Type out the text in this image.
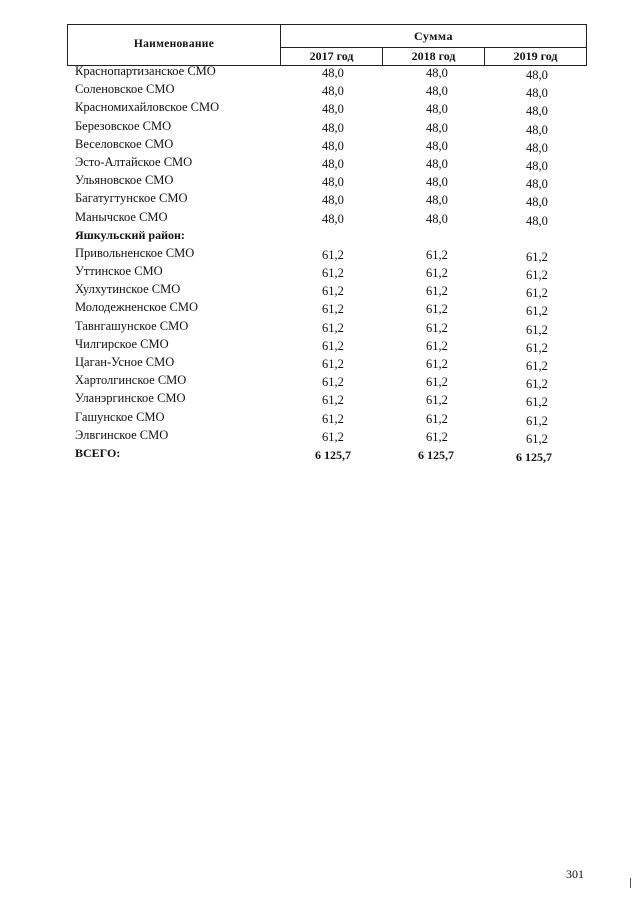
Наименование	Сумма		
	2017 год	2018 год	2019 год
Краснопартизанское СМО	48,0	48,0	48,0
Соленовское СМО	48,0	48,0	48,0
Красномихайловское СМО	48,0	48,0	48,0
Березовское СМО	48,0	48,0	48,0
Веселовское СМО	48,0	48,0	48,0
Эсто-Алтайское СМО	48,0	48,0	48,0
Ульяновское СМО	48,0	48,0	48,0
Багатугтунское СМО	48,0	48,0	48,0
Манычское СМО	48,0	48,0	48,0
Яшкульский район:
Привольненское СМО	61,2	61,2	61,2
Уттинское СМО	61,2	61,2	61,2
Хулхутинское СМО	61,2	61,2	61,2
Молодежненское СМО	61,2	61,2	61,2
Тавнгашунское СМО	61,2	61,2	61,2
Чилгирское СМО	61,2	61,2	61,2
Цаган-Усное СМО	61,2	61,2	61,2
Хартолгинское СМО	61,2	61,2	61,2
Уланэргинское СМО	61,2	61,2	61,2
Гашунское СМО	61,2	61,2	61,2
Элвгинское СМО	61,2	61,2	61,2
ВСЕГО:	6 125,7	6 125,7	6 125,7
301
